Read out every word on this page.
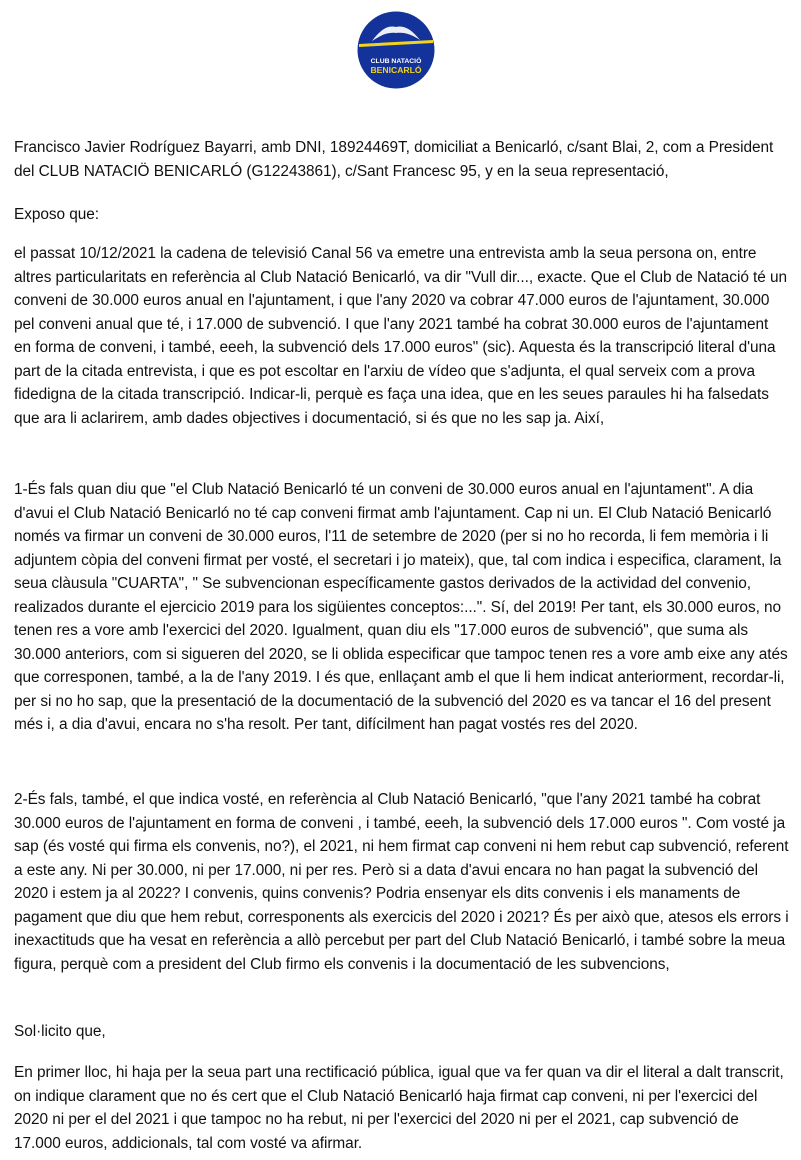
CLUB NATACIÓ
BENICARLÓ

Francisco Javier Rodríguez Bayarri, amb DNI, 18924469T, domiciliat a Benicarló, c/sant Blai, 2, com a President del CLUB NATACIÖ BENICARLÓ (G12243861), c/Sant Francesc 95, y en la seua representació,

Exposo que:

el passat 10/12/2021 la cadena de televisió Canal 56 va emetre una entrevista amb la seua persona on, entre altres particularitats en referència al Club Natació Benicarló, va dir "Vull dir..., exacte. Que el Club de Natació té un conveni de 30.000 euros anual en l'ajuntament, i que l'any 2020 va cobrar 47.000 euros de l'ajuntament, 30.000 pel conveni anual que té, i 17.000 de subvenció. I que l'any 2021 també ha cobrat 30.000 euros de l'ajuntament en forma de conveni, i també, eeeh, la subvenció dels 17.000 euros" (sic). Aquesta és la transcripció literal d'una part de la citada entrevista, i que es pot escoltar en l'arxiu de vídeo que s'adjunta, el qual serveix com a prova fidedigna de la citada transcripció. Indicar-li, perquè es faça una idea, que en les seues paraules hi ha falsedats que ara li aclarirem, amb dades objectives i documentació, si és que no les sap ja. Així,

1-És fals quan diu que "el Club Natació Benicarló té un conveni de 30.000 euros anual en l'ajuntament". A dia d'avui el Club Natació Benicarló no té cap conveni firmat amb l'ajuntament. Cap ni un. El Club Natació Benicarló només va firmar un conveni de 30.000 euros, l'11 de setembre de 2020 (per si no ho recorda, li fem memòria i li adjuntem còpia del conveni firmat per vosté, el secretari i jo mateix), que, tal com indica i especifica, clarament, la seua clàusula "CUARTA", " Se subvencionan específicamente gastos derivados de la actividad del convenio, realizados durante el ejercicio 2019 para los sigüientes conceptos:...". Sí, del 2019! Per tant, els 30.000 euros, no tenen res a vore amb l'exercici del 2020. Igualment, quan diu els "17.000 euros de subvenció", que suma als 30.000 anteriors, com si sigueren del 2020, se li oblida especificar que tampoc tenen res a vore amb eixe any atés que corresponen, també, a la de l'any 2019. I és que, enllaçant amb el que li hem indicat anteriorment, recordar-li, per si no ho sap, que la presentació de la documentació de la subvenció del 2020 es va tancar el 16 del present més i, a dia d'avui, encara no s'ha resolt. Per tant, difícilment han pagat vostés res del 2020.

2-És fals, també, el que indica vosté, en referència al Club Natació Benicarló, "que l'any 2021 també ha cobrat 30.000 euros de l'ajuntament en forma de conveni , i també, eeeh, la subvenció dels 17.000 euros ". Com vosté ja sap (és vosté qui firma els convenis, no?), el 2021, ni hem firmat cap conveni ni hem rebut cap subvenció, referent a este any. Ni per 30.000, ni per 17.000, ni per res. Però si a data d'avui encara no han pagat la subvenció del 2020 i estem ja al 2022? I convenis, quins convenis? Podria ensenyar els dits convenis i els manaments de pagament que diu que hem rebut, corresponents als exercicis del 2020 i 2021? És per això que, atesos els errors i inexactituds que ha vesat en referència a allò percebut per part del Club Natació Benicarló, i també sobre la meua figura, perquè com a president del Club firmo els convenis i la documentació de les subvencions,

Sol·licito que,

En primer lloc, hi haja per la seua part una rectificació pública, igual que va fer quan va dir el literal a dalt transcrit, on indique clarament que no és cert que el Club Natació Benicarló haja firmat cap conveni, ni per l'exercici del 2020 ni per el del 2021 i que tampoc no ha rebut, ni per l'exercici del 2020 ni per el 2021, cap subvenció de 17.000 euros, addicionals, tal com vosté va afirmar.
